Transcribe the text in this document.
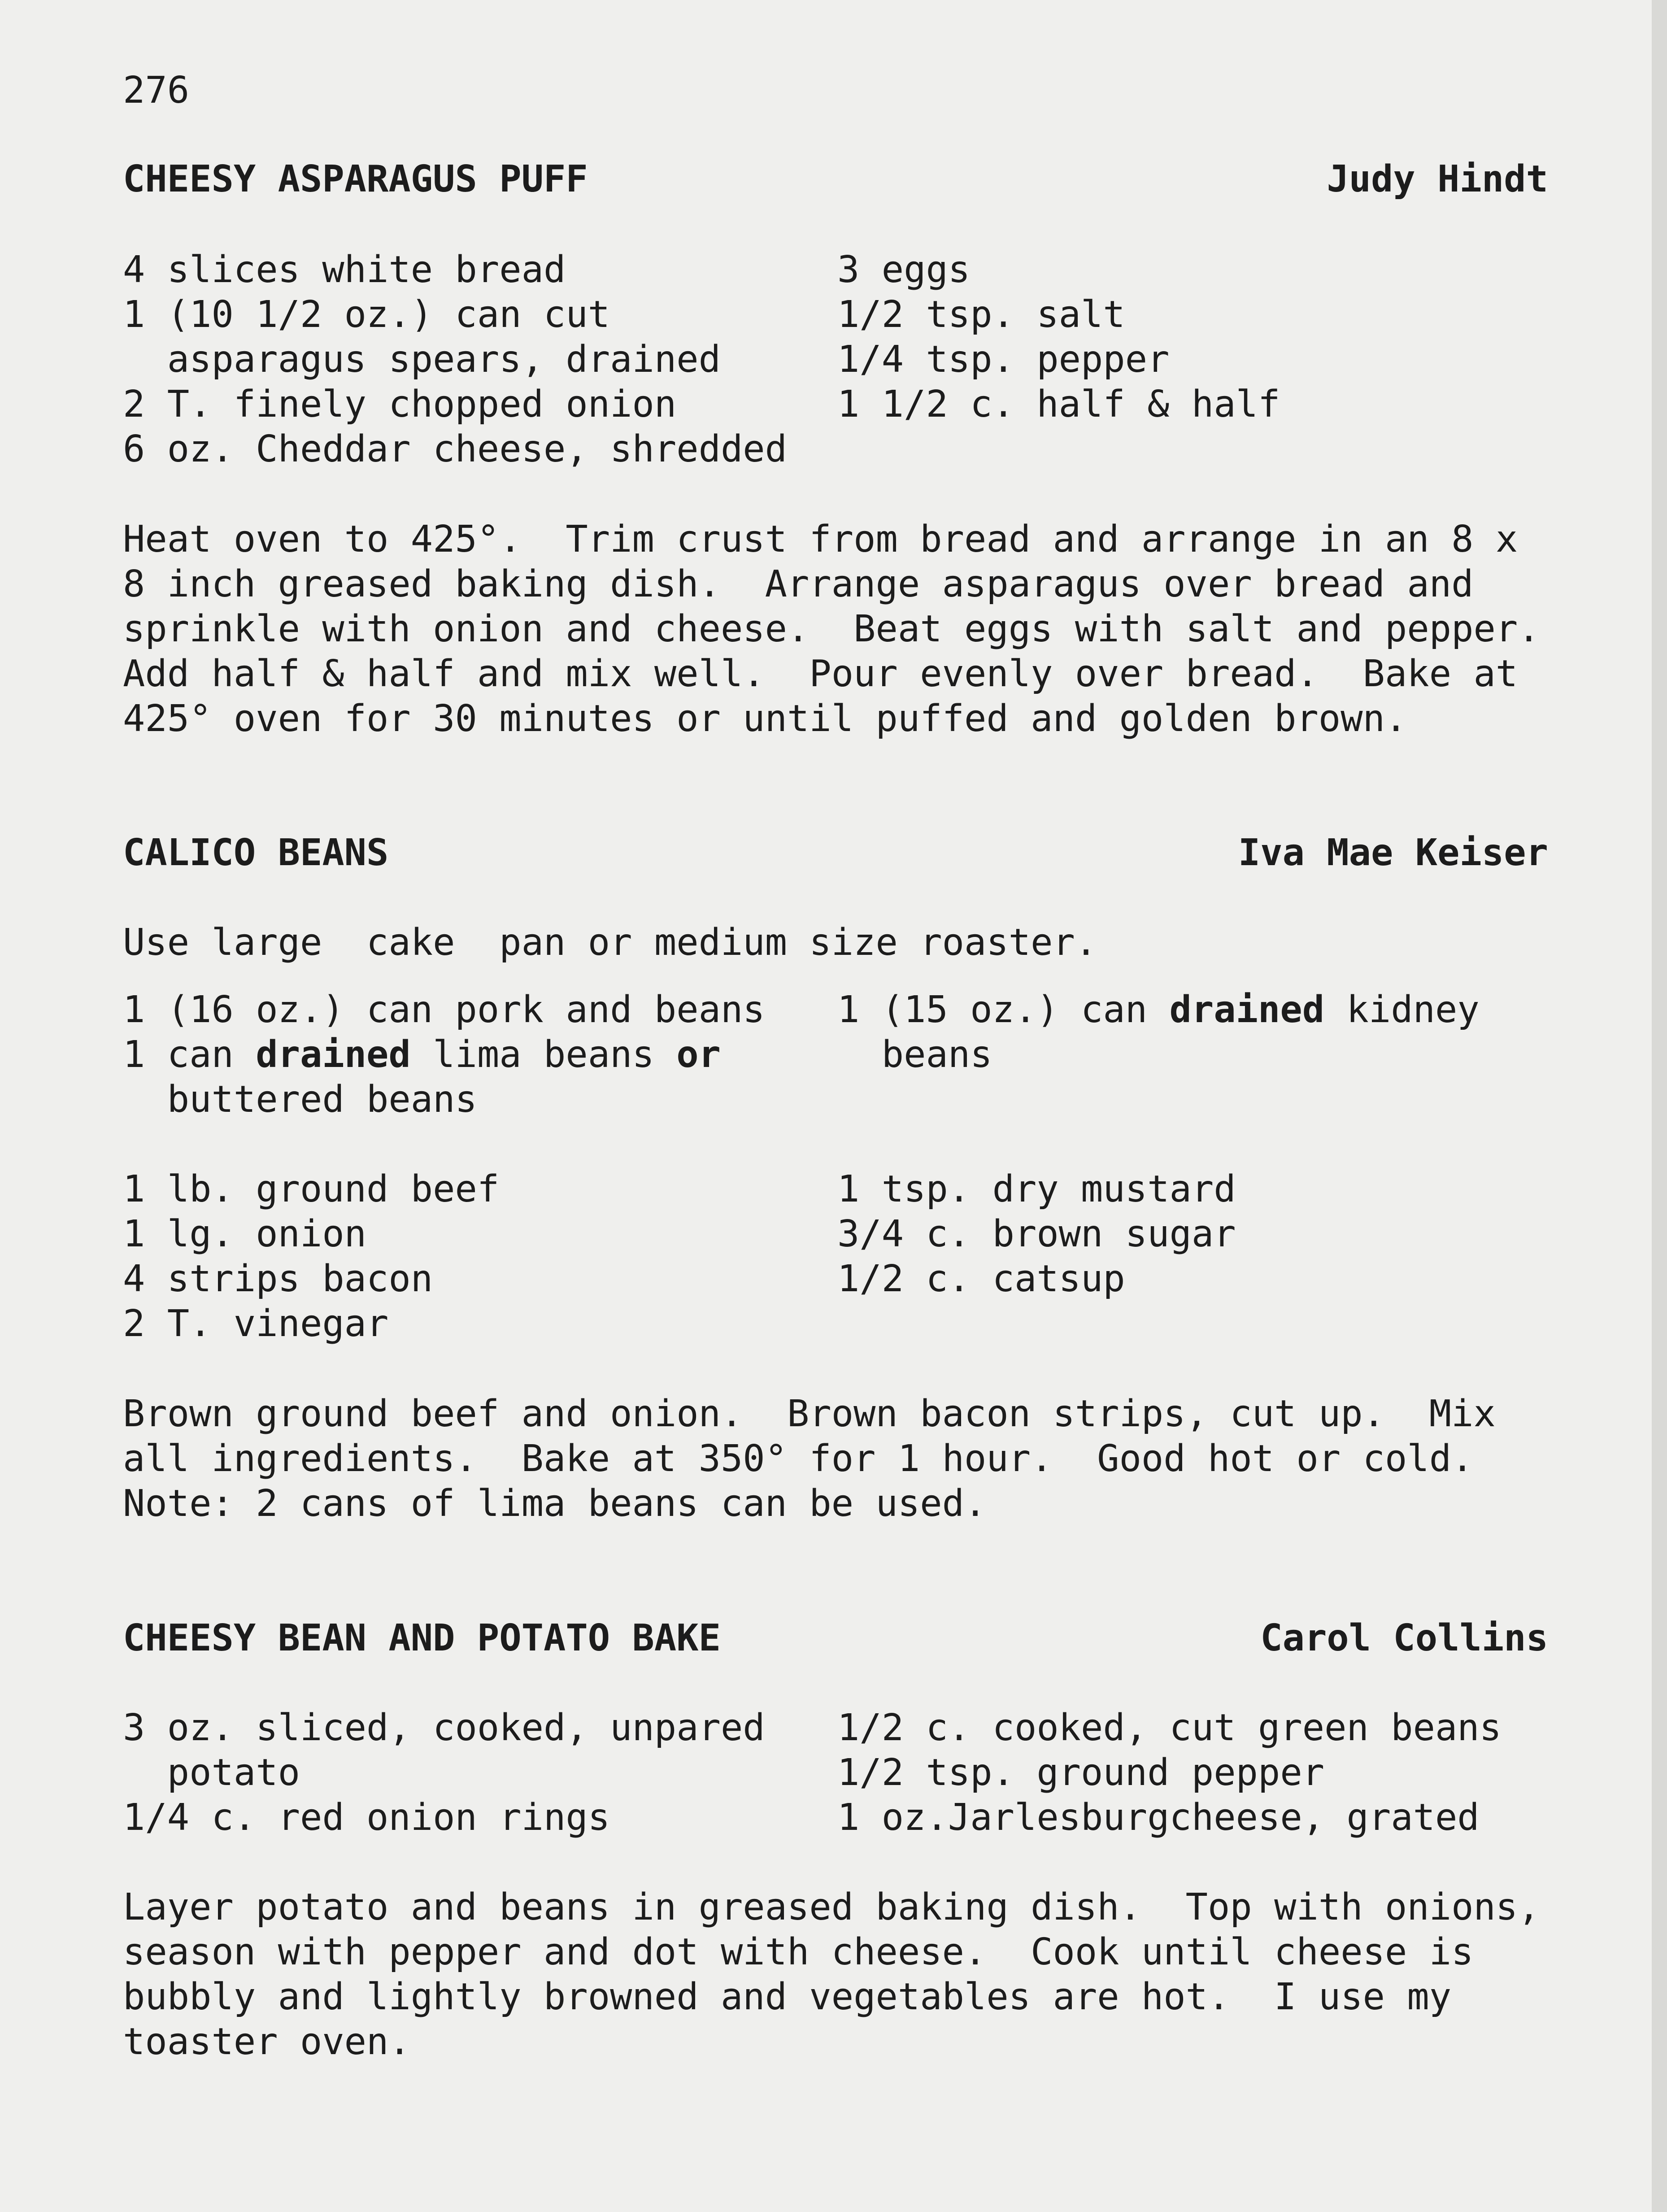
276
CHEESY ASPARAGUS PUFF	Judy Hindt
4 slices white bread
1 (10 1/2 oz.) can cut
asparagus spears, drained
2 T. finely chopped onion
6 oz. Cheddar cheese, shredded
3 eggs
1/2 tsp. salt
1/4 tsp. pepper
1 1/2 c. half & half
Heat oven to 425°.  Trim crust from bread and arrange in an 8 x
8 inch greased baking dish.  Arrange asparagus over bread and
sprinkle with onion and cheese.  Beat eggs with salt and pepper.
Add half & half and mix well.  Pour evenly over bread.  Bake at
425° oven for 30 minutes or until puffed and golden brown.
CALICO BEANS	Iva Mae Keiser
Use large  cake  pan or medium size roaster.
1 (16 oz.) can pork and beans
1 can drained lima beans or
buttered beans
1 (15 oz.) can drained kidney
beans
1 lb. ground beef
1 lg. onion
4 strips bacon
2 T. vinegar
1 tsp. dry mustard
3/4 c. brown sugar
1/2 c. catsup
Brown ground beef and onion.  Brown bacon strips, cut up.  Mix
all ingredients.  Bake at 350° for 1 hour.  Good hot or cold.
Note: 2 cans of lima beans can be used.
CHEESY BEAN AND POTATO BAKE	Carol Collins
3 oz. sliced, cooked, unpared
potato
1/4 c. red onion rings
1/2 c. cooked, cut green beans
1/2 tsp. ground pepper
1 oz.Jarlesburgcheese, grated
Layer potato and beans in greased baking dish.  Top with onions,
season with pepper and dot with cheese.  Cook until cheese is
bubbly and lightly browned and vegetables are hot.  I use my
toaster oven.
